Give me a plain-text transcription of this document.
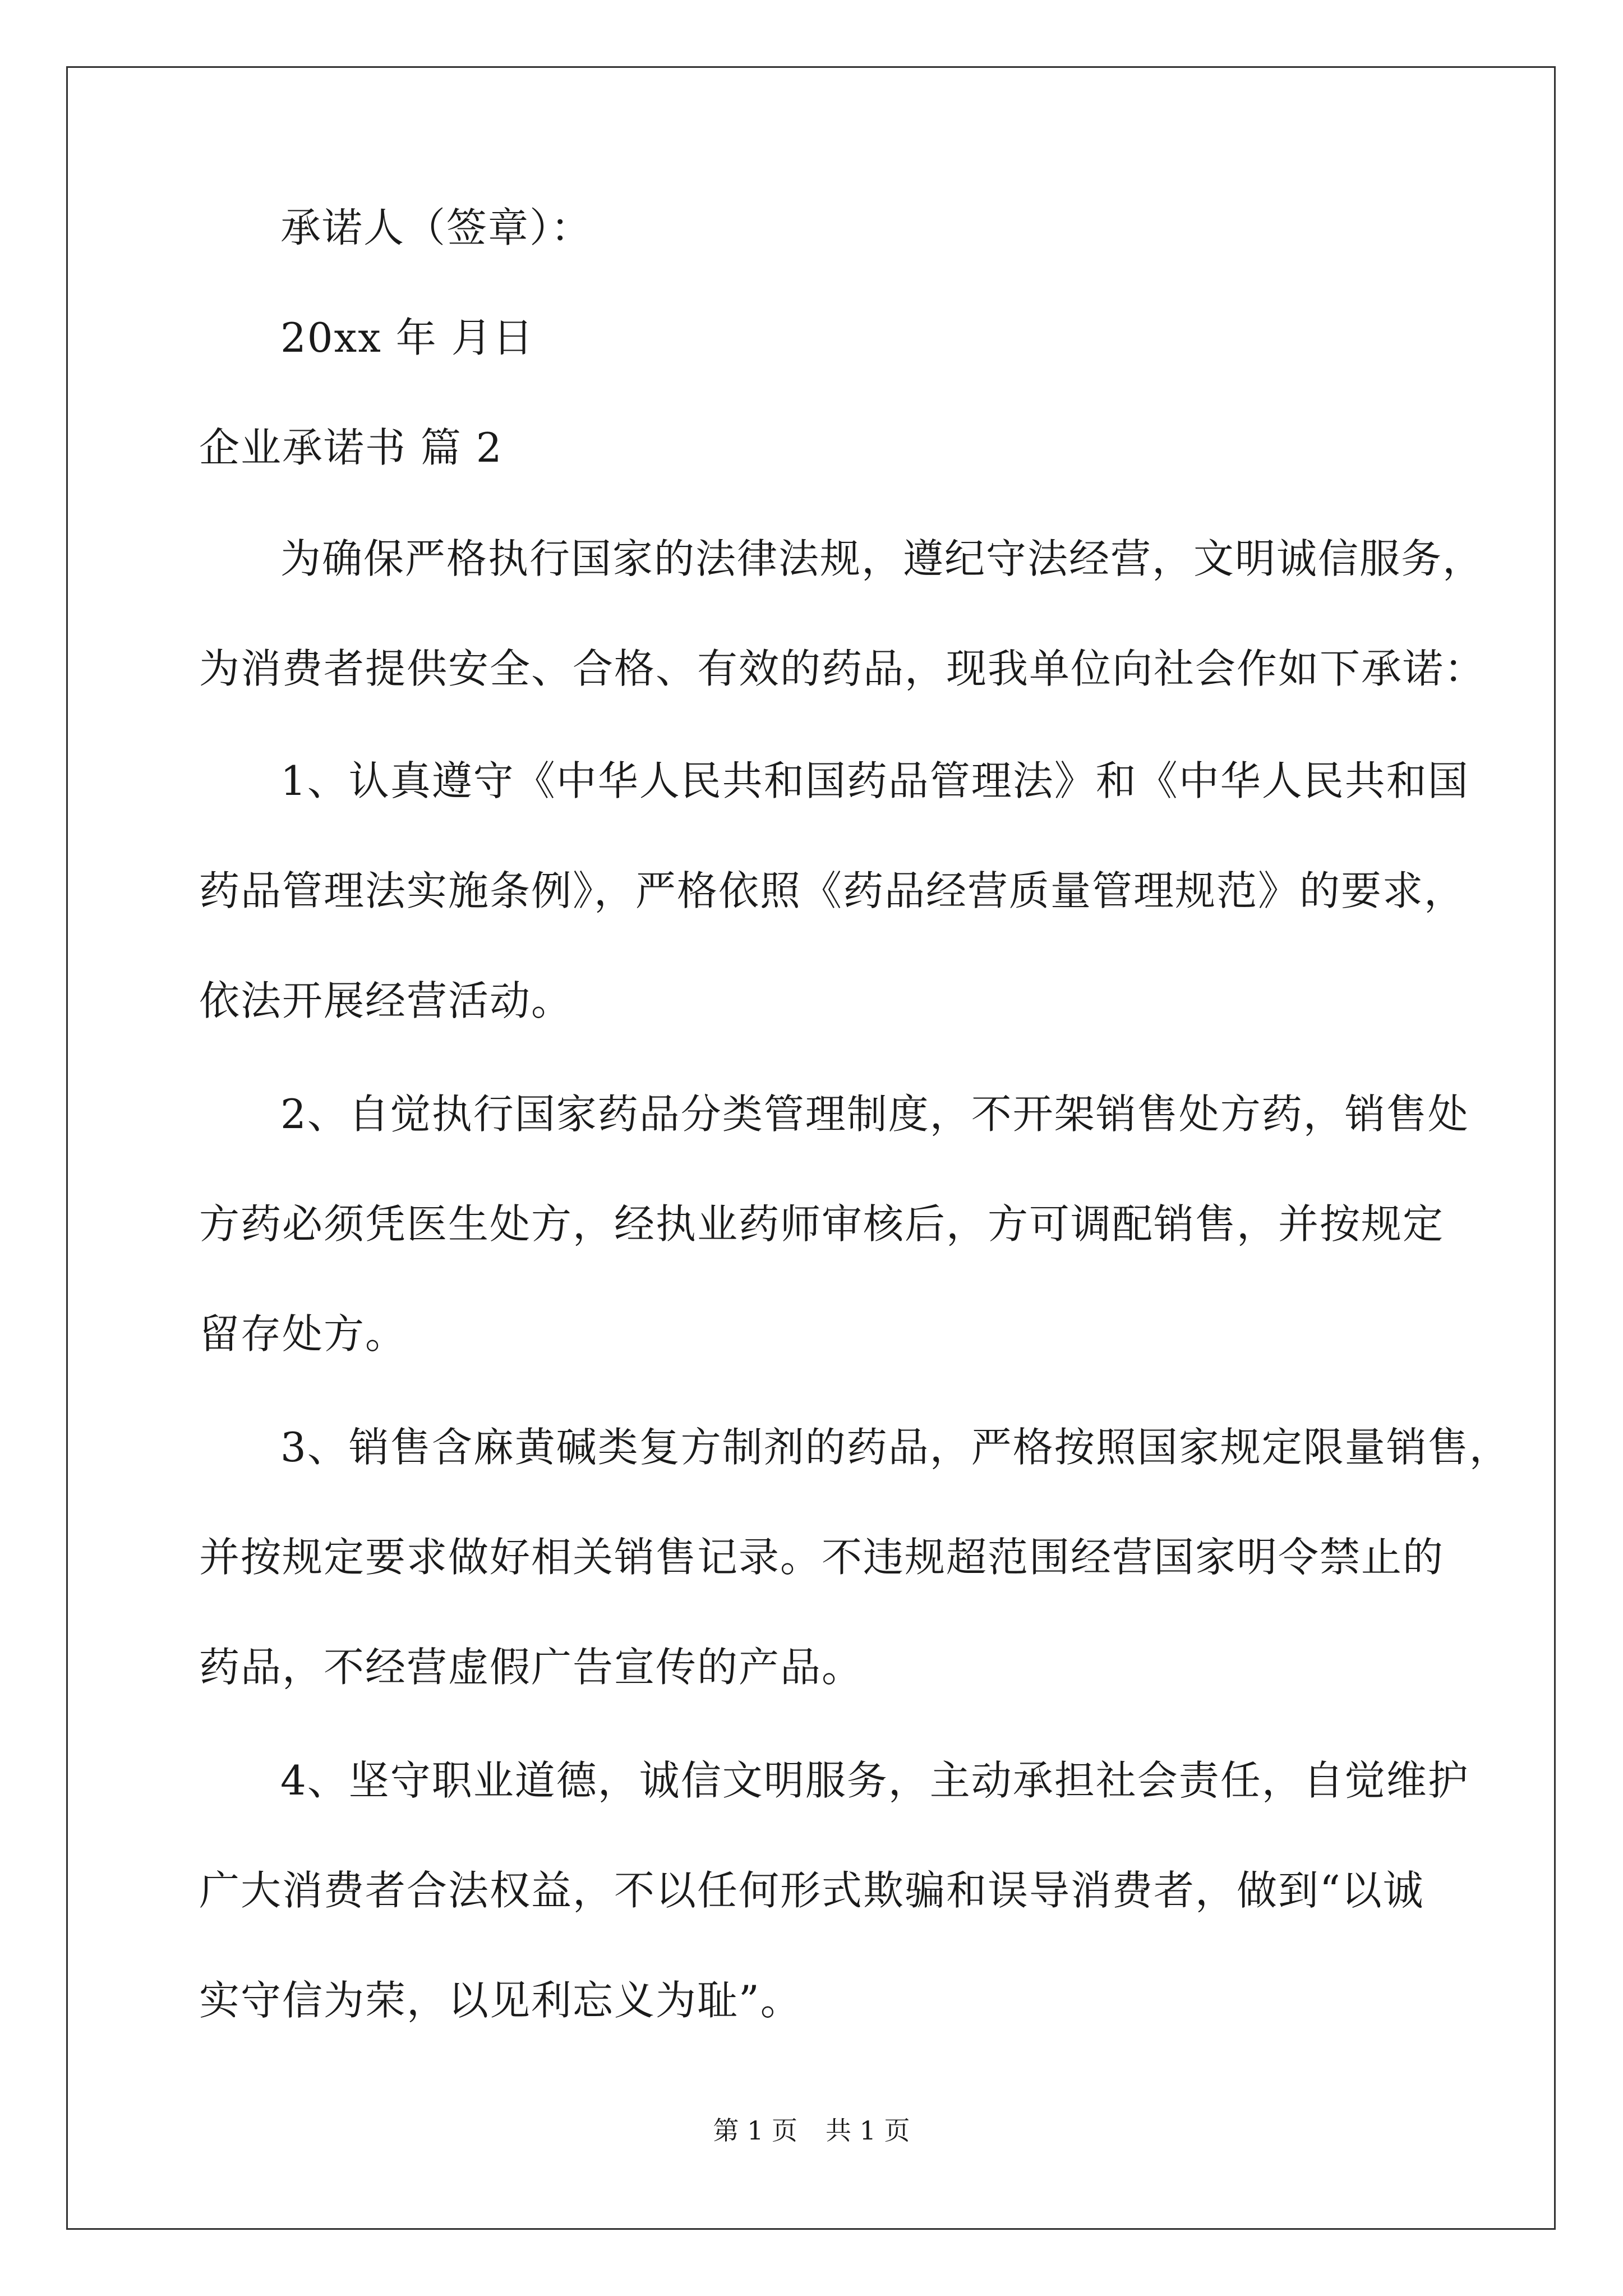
承诺人（签章）：
20xx 年 月日
企业承诺书 篇 2
为确保严格执行国家的法律法规，遵纪守法经营，文明诚信服务，
为消费者提供安全、合格、有效的药品，现我单位向社会作如下承诺：
1、认真遵守《中华人民共和国药品管理法》和《中华人民共和国
药品管理法实施条例》，严格依照《药品经营质量管理规范》的要求，
依法开展经营活动。
2、自觉执行国家药品分类管理制度，不开架销售处方药，销售处
方药必须凭医生处方，经执业药师审核后，方可调配销售，并按规定
留存处方。
3、销售含麻黄碱类复方制剂的药品，严格按照国家规定限量销售，
并按规定要求做好相关销售记录。不违规超范围经营国家明令禁止的
药品，不经营虚假广告宣传的产品。
4、坚守职业道德，诚信文明服务，主动承担社会责任，自觉维护
广大消费者合法权益，不以任何形式欺骗和误导消费者，做到“以诚
实守信为荣，以见利忘义为耻”。
第 1 页 共 1 页
